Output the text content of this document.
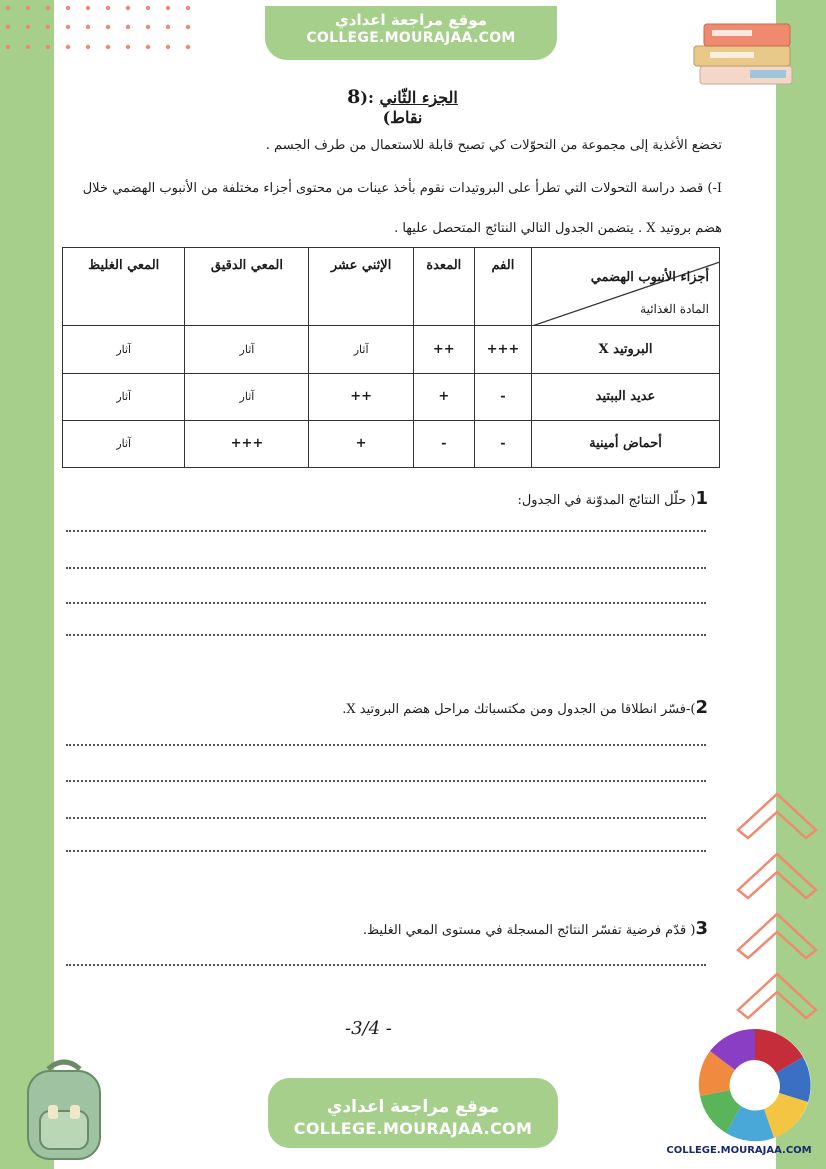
موقع مراجعة اعدادي
COLLEGE.MOURAJAA.COM
الجزء الثّاني :(8 نقاط)
تخضع الأغذية إلى مجموعة من التحوّلات كي تصبح قابلة للاستعمال من طرف الجسم .
I-) قصد دراسة التحولات التي تطرأ على البروتيدات نقوم بأخذ عينات من محتوى أجزاء مختلفة من الأنبوب الهضمي خلال
هضم بروتيد X . يتضمن الجدول التالي النتائج المتحصل عليها .
أجزاء الأنبوب الهضمي
المادة الغذائية	الفم	المعدة	الإثني عشر	المعي الدقيق	المعي الغليظ
البروتيد X	+++	++	آثار	آثار	آثار
عديد الببتيد	-	+	++	آثار	آثار
أحماض أمينية	-	-	+	+++	آثار
1( حلّل النتائج المدوّنة في الجدول:
2)-فسّر انطلاقا من الجدول ومن مكتسباتك مراحل هضم البروتيد X.
3( قدّم فرضية تفسّر النتائج المسجلة في مستوى المعي الغليظ.
-3/4 -
COLLEGE.MOURAJAA.COM
موقع مراجعة اعدادي
COLLEGE.MOURAJAA.COM
